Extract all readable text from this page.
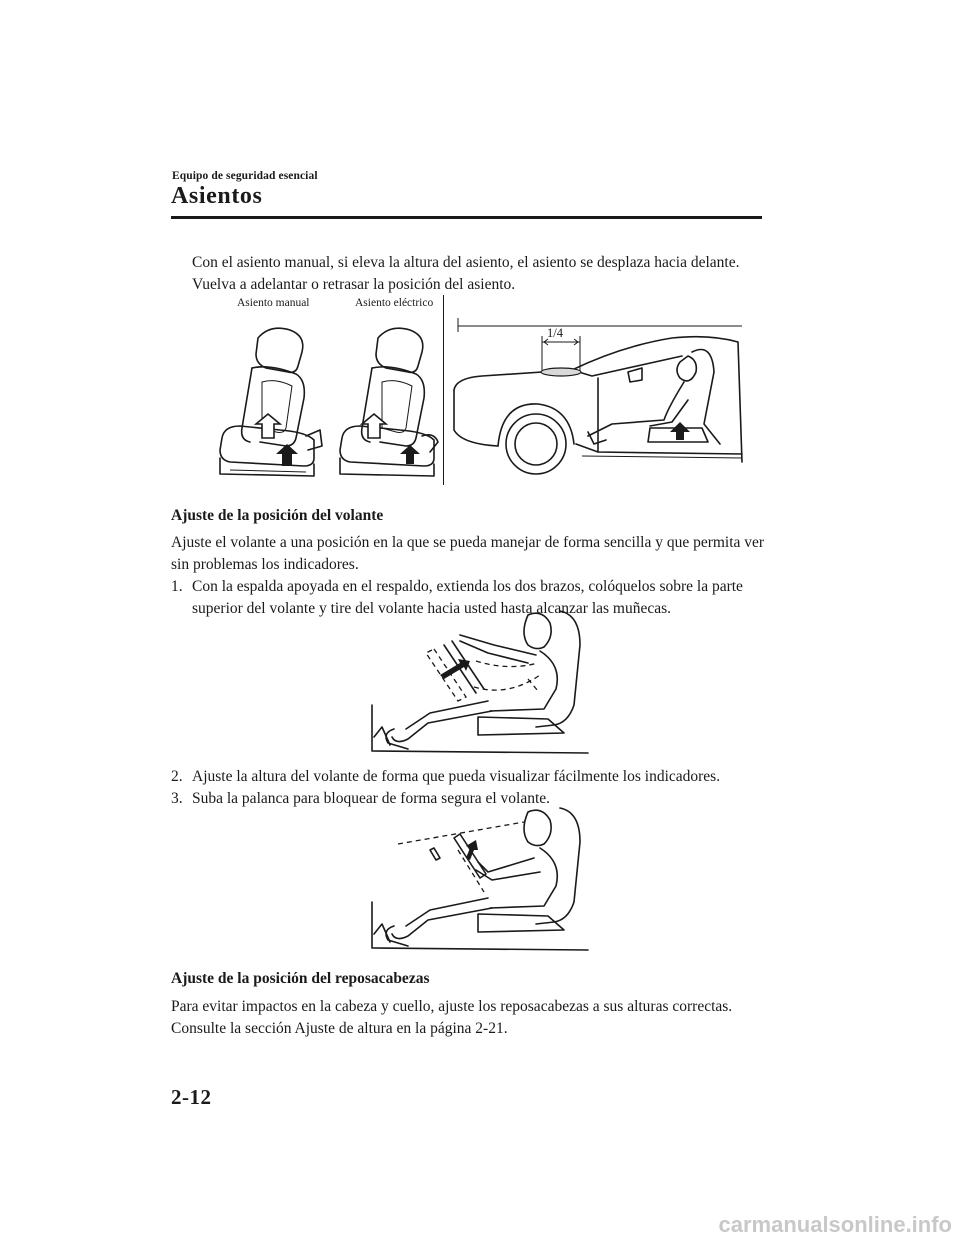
Equipo de seguridad esencial
Asientos
Con el asiento manual, si eleva la altura del asiento, el asiento se desplaza hacia delante. Vuelva a adelantar o retrasar la posición del asiento.
Asiento manual	Asiento eléctrico
1/4
Ajuste de la posición del volante
Ajuste el volante a una posición en la que se pueda manejar de forma sencilla y que permita ver sin problemas los indicadores.
1. Con la espalda apoyada en el respaldo, extienda los dos brazos, colóquelos sobre la parte superior del volante y tire del volante hacia usted hasta alcanzar las muñecas.
2. Ajuste la altura del volante de forma que pueda visualizar fácilmente los indicadores.
3. Suba la palanca para bloquear de forma segura el volante.
Ajuste de la posición del reposacabezas
Para evitar impactos en la cabeza y cuello, ajuste los reposacabezas a sus alturas correctas. Consulte la sección Ajuste de altura en la página 2-21.
2-12
carmanualsonline.info
